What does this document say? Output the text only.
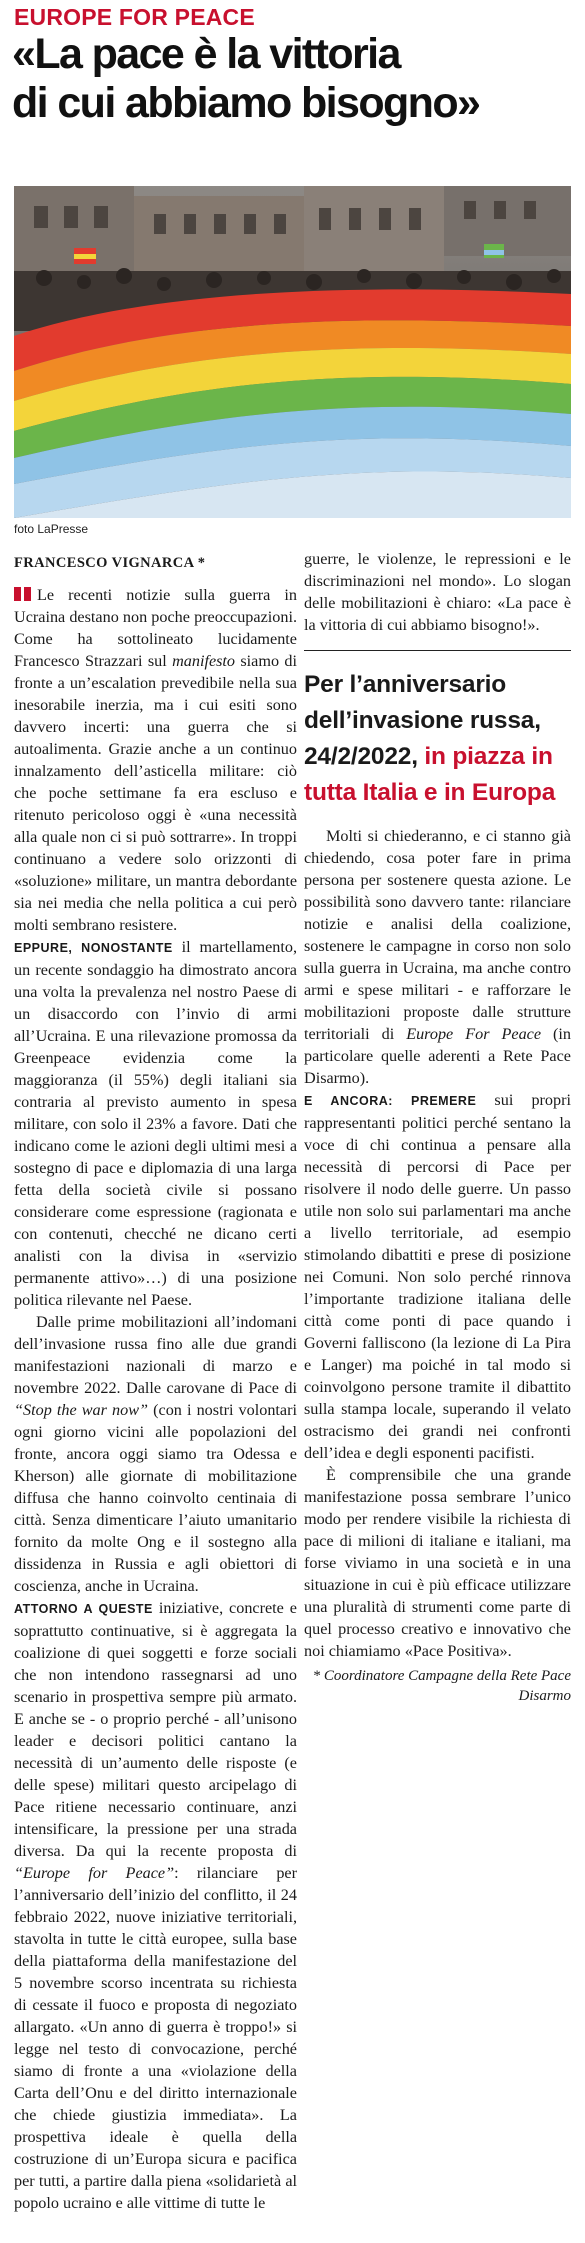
EUROPE FOR PEACE
«La pace è la vittoria
di cui abbiamo bisogno»
foto LaPresse
FRANCESCO VIGNARCA *

Le recenti notizie sulla guerra in Ucraina destano non poche preoccupazioni. Come ha sottolineato lucidamente Francesco Strazzari sul manifesto siamo di fronte a un’escalation prevedibile nella sua inesorabile inerzia, ma i cui esiti sono davvero incerti: una guerra che si autoalimenta. Grazie anche a un continuo innalzamento dell’asticella militare: ciò che poche settimane fa era escluso e ritenuto pericoloso oggi è «una necessità alla quale non ci si può sottrarre». In troppi continuano a vedere solo orizzonti di «soluzione» militare, un mantra debordante sia nei media che nella politica a cui però molti sembrano resistere.

EPPURE, NONOSTANTE il martellamento, un recente sondaggio ha dimostrato ancora una volta la prevalenza nel nostro Paese di un disaccordo con l’invio di armi all’Ucraina. E una rilevazione promossa da Greenpeace evidenzia come la maggioranza (il 55%) degli italiani sia contraria al previsto aumento in spesa militare, con solo il 23% a favore. Dati che indicano come le azioni degli ultimi mesi a sostegno di pace e diplomazia di una larga fetta della società civile si possano considerare come espressione (ragionata e con contenuti, checché ne dicano certi analisti con la divisa in «servizio permanente attivo»…) di una posizione politica rilevante nel Paese.

Dalle prime mobilitazioni all’indomani dell’invasione russa fino alle due grandi manifestazioni nazionali di marzo e novembre 2022. Dalle carovane di Pace di “Stop the war now” (con i nostri volontari ogni giorno vicini alle popolazioni del fronte, ancora oggi siamo tra Odessa e Kherson) alle giornate di mobilitazione diffusa che hanno coinvolto centinaia di città. Senza dimenticare l’aiuto umanitario fornito da molte Ong e il sostegno alla dissidenza in Russia e agli obiettori di coscienza, anche in Ucraina.

ATTORNO A QUESTE iniziative, concrete e soprattutto continuative, si è aggregata la coalizione di quei soggetti e forze sociali che non intendono rassegnarsi ad uno scenario in prospettiva sempre più armato. E anche se - o proprio perché - all’unisono leader e decisori politici cantano la necessità di un’aumento delle risposte (e delle spese) militari questo arcipelago di Pace ritiene necessario continuare, anzi intensificare, la pressione per una strada diversa. Da qui la recente proposta di “Europe for Peace”: rilanciare per l’anniversario dell’inizio del conflitto, il 24 febbraio 2022, nuove iniziative territoriali, stavolta in tutte le città europee, sulla base della piattaforma della manifestazione del 5 novembre scorso incentrata su richiesta di cessate il fuoco e proposta di negoziato allargato. «Un anno di guerra è troppo!» si legge nel testo di convocazione, perché siamo di fronte a una «violazione della Carta dell’Onu e del diritto internazionale che chiede giustizia immediata». La prospettiva ideale è quella della costruzione di un’Europa sicura e pacifica per tutti, a partire dalla piena «solidarietà al popolo ucraino e alle vittime di tutte le

guerre, le violenze, le repressioni e le discriminazioni nel mondo». Lo slogan delle mobilitazioni è chiaro: «La pace è la vittoria di cui abbiamo bisogno!».

Per l’anniversario dell’invasione russa, 24/2/2022, in piazza in tutta Italia e in Europa

Molti si chiederanno, e ci stanno già chiedendo, cosa poter fare in prima persona per sostenere questa azione. Le possibilità sono davvero tante: rilanciare notizie e analisi della coalizione, sostenere le campagne in corso non solo sulla guerra in Ucraina, ma anche contro armi e spese militari - e rafforzare le mobilitazioni proposte dalle strutture territoriali di Europe For Peace (in particolare quelle aderenti a Rete Pace Disarmo).

E ANCORA: PREMERE sui propri rappresentanti politici perché sentano la voce di chi continua a pensare alla necessità di percorsi di Pace per risolvere il nodo delle guerre. Un passo utile non solo sui parlamentari ma anche a livello territoriale, ad esempio stimolando dibattiti e prese di posizione nei Comuni. Non solo perché rinnova l’importante tradizione italiana delle città come ponti di pace quando i Governi falliscono (la lezione di La Pira e Langer) ma poiché in tal modo si coinvolgono persone tramite il dibattito sulla stampa locale, superando il velato ostracismo dei grandi nei confronti dell’idea e degli esponenti pacifisti.

È comprensibile che una grande manifestazione possa sembrare l’unico modo per rendere visibile la richiesta di pace di milioni di italiane e italiani, ma forse viviamo in una società e in una situazione in cui è più efficace utilizzare una pluralità di strumenti come parte di quel processo creativo e innovativo che noi chiamiamo «Pace Positiva».

* Coordinatore Campagne della Rete Pace Disarmo
